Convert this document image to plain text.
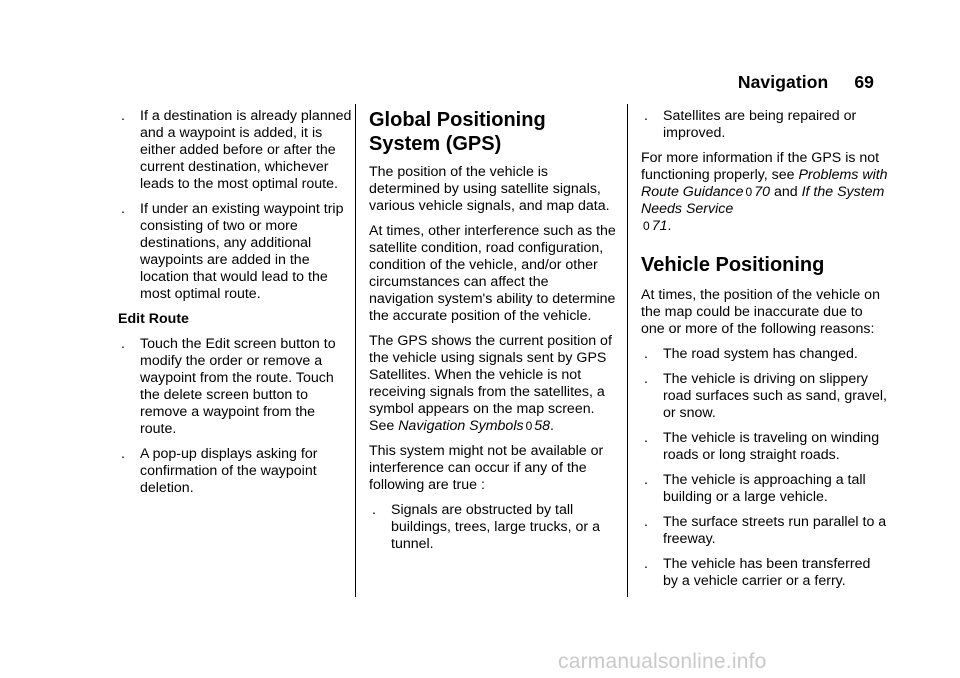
Navigation 69
.	If a destination is already planned and a waypoint is added, it is either added before or after the current destination, whichever leads to the most optimal route.
.	If under an existing waypoint trip consisting of two or more destinations, any additional waypoints are added in the location that would lead to the most optimal route.
Edit Route
.	Touch the Edit screen button to modify the order or remove a waypoint from the route. Touch the delete screen button to remove a waypoint from the route.
.	A pop-up displays asking for confirmation of the waypoint deletion.
Global Positioning System (GPS)

The position of the vehicle is determined by using satellite signals, various vehicle signals, and map data.

At times, other interference such as the satellite condition, road configuration, condition of the vehicle, and/or other circumstances can affect the navigation system's ability to determine the accurate position of the vehicle.

The GPS shows the current position of the vehicle using signals sent by GPS Satellites. When the vehicle is not receiving signals from the satellites, a symbol appears on the map screen. See Navigation Symbols 0 58.

This system might not be available or interference can occur if any of the following are true :

.	Signals are obstructed by tall buildings, trees, large trucks, or a tunnel.
.	Satellites are being repaired or improved.

For more information if the GPS is not functioning properly, see Problems with Route Guidance 0 70 and If the System Needs Service
0 71.

Vehicle Positioning

At times, the position of the vehicle on the map could be inaccurate due to one or more of the following reasons:

.	The road system has changed.
.	The vehicle is driving on slippery road surfaces such as sand, gravel, or snow.
.	The vehicle is traveling on winding roads or long straight roads.
.	The vehicle is approaching a tall building or a large vehicle.
.	The surface streets run parallel to a freeway.
.	The vehicle has been transferred by a vehicle carrier or a ferry.
carmanualsonline.info
